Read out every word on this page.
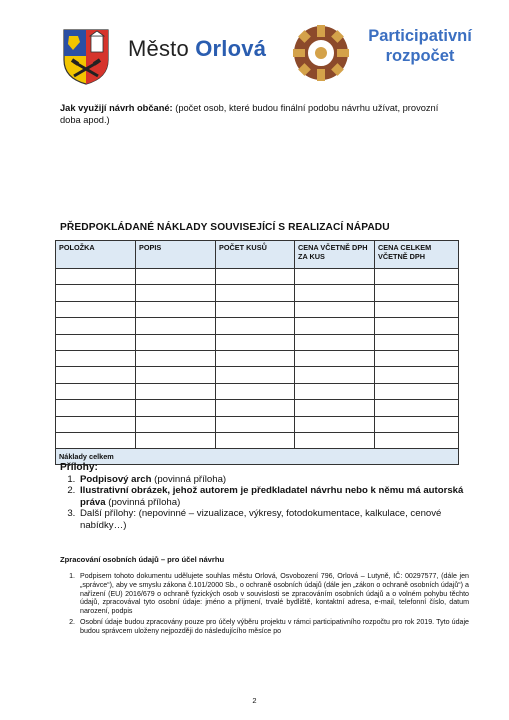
Město Orlová	Participativní
rozpočet
Jak využijí návrh občané: (počet osob, které budou finální podobu návrhu užívat, provozní doba apod.)
PŘEDPOKLÁDANÉ NÁKLADY SOUVISEJÍCÍ S REALIZACÍ NÁPADU
POLOŽKA	POPIS	POČET KUSŮ	CENA VČETNĚ DPH ZA KUS	CENA CELKEM VČETNĚ DPH

Náklady celkem				
Přílohy:
1. Podpisový arch (povinná příloha)
2. Ilustrativní obrázek, jehož autorem je předkladatel návrhu nebo k němu má autorská práva (povinná příloha)
3. Další přílohy: (nepovinné – vizualizace, výkresy, fotodokumentace, kalkulace, cenové nabídky…)
Zpracování osobních údajů – pro účel návrhu
1. Podpisem tohoto dokumentu udělujete souhlas městu Orlová, Osvobození 796, Orlová – Lutyně, IČ: 00297577, (dále jen „správce“), aby ve smyslu zákona č.101/2000 Sb., o ochraně osobních údajů (dále jen „zákon o ochraně osobních údajů“) a nařízení (EU) 2016/679 o ochraně fyzických osob v souvislosti se zpracováním osobních údajů a o volném pohybu těchto údajů, zpracovával tyto osobní údaje: jméno a příjmení, trvalé bydliště, kontaktní adresa, e-mail, telefonní číslo, datum narození, podpis
2. Osobní údaje budou zpracovány pouze pro účely výběru projektu v rámci participativního rozpočtu pro rok 2019. Tyto údaje budou správcem uloženy nejpozději do následujícího měsíce po
2
